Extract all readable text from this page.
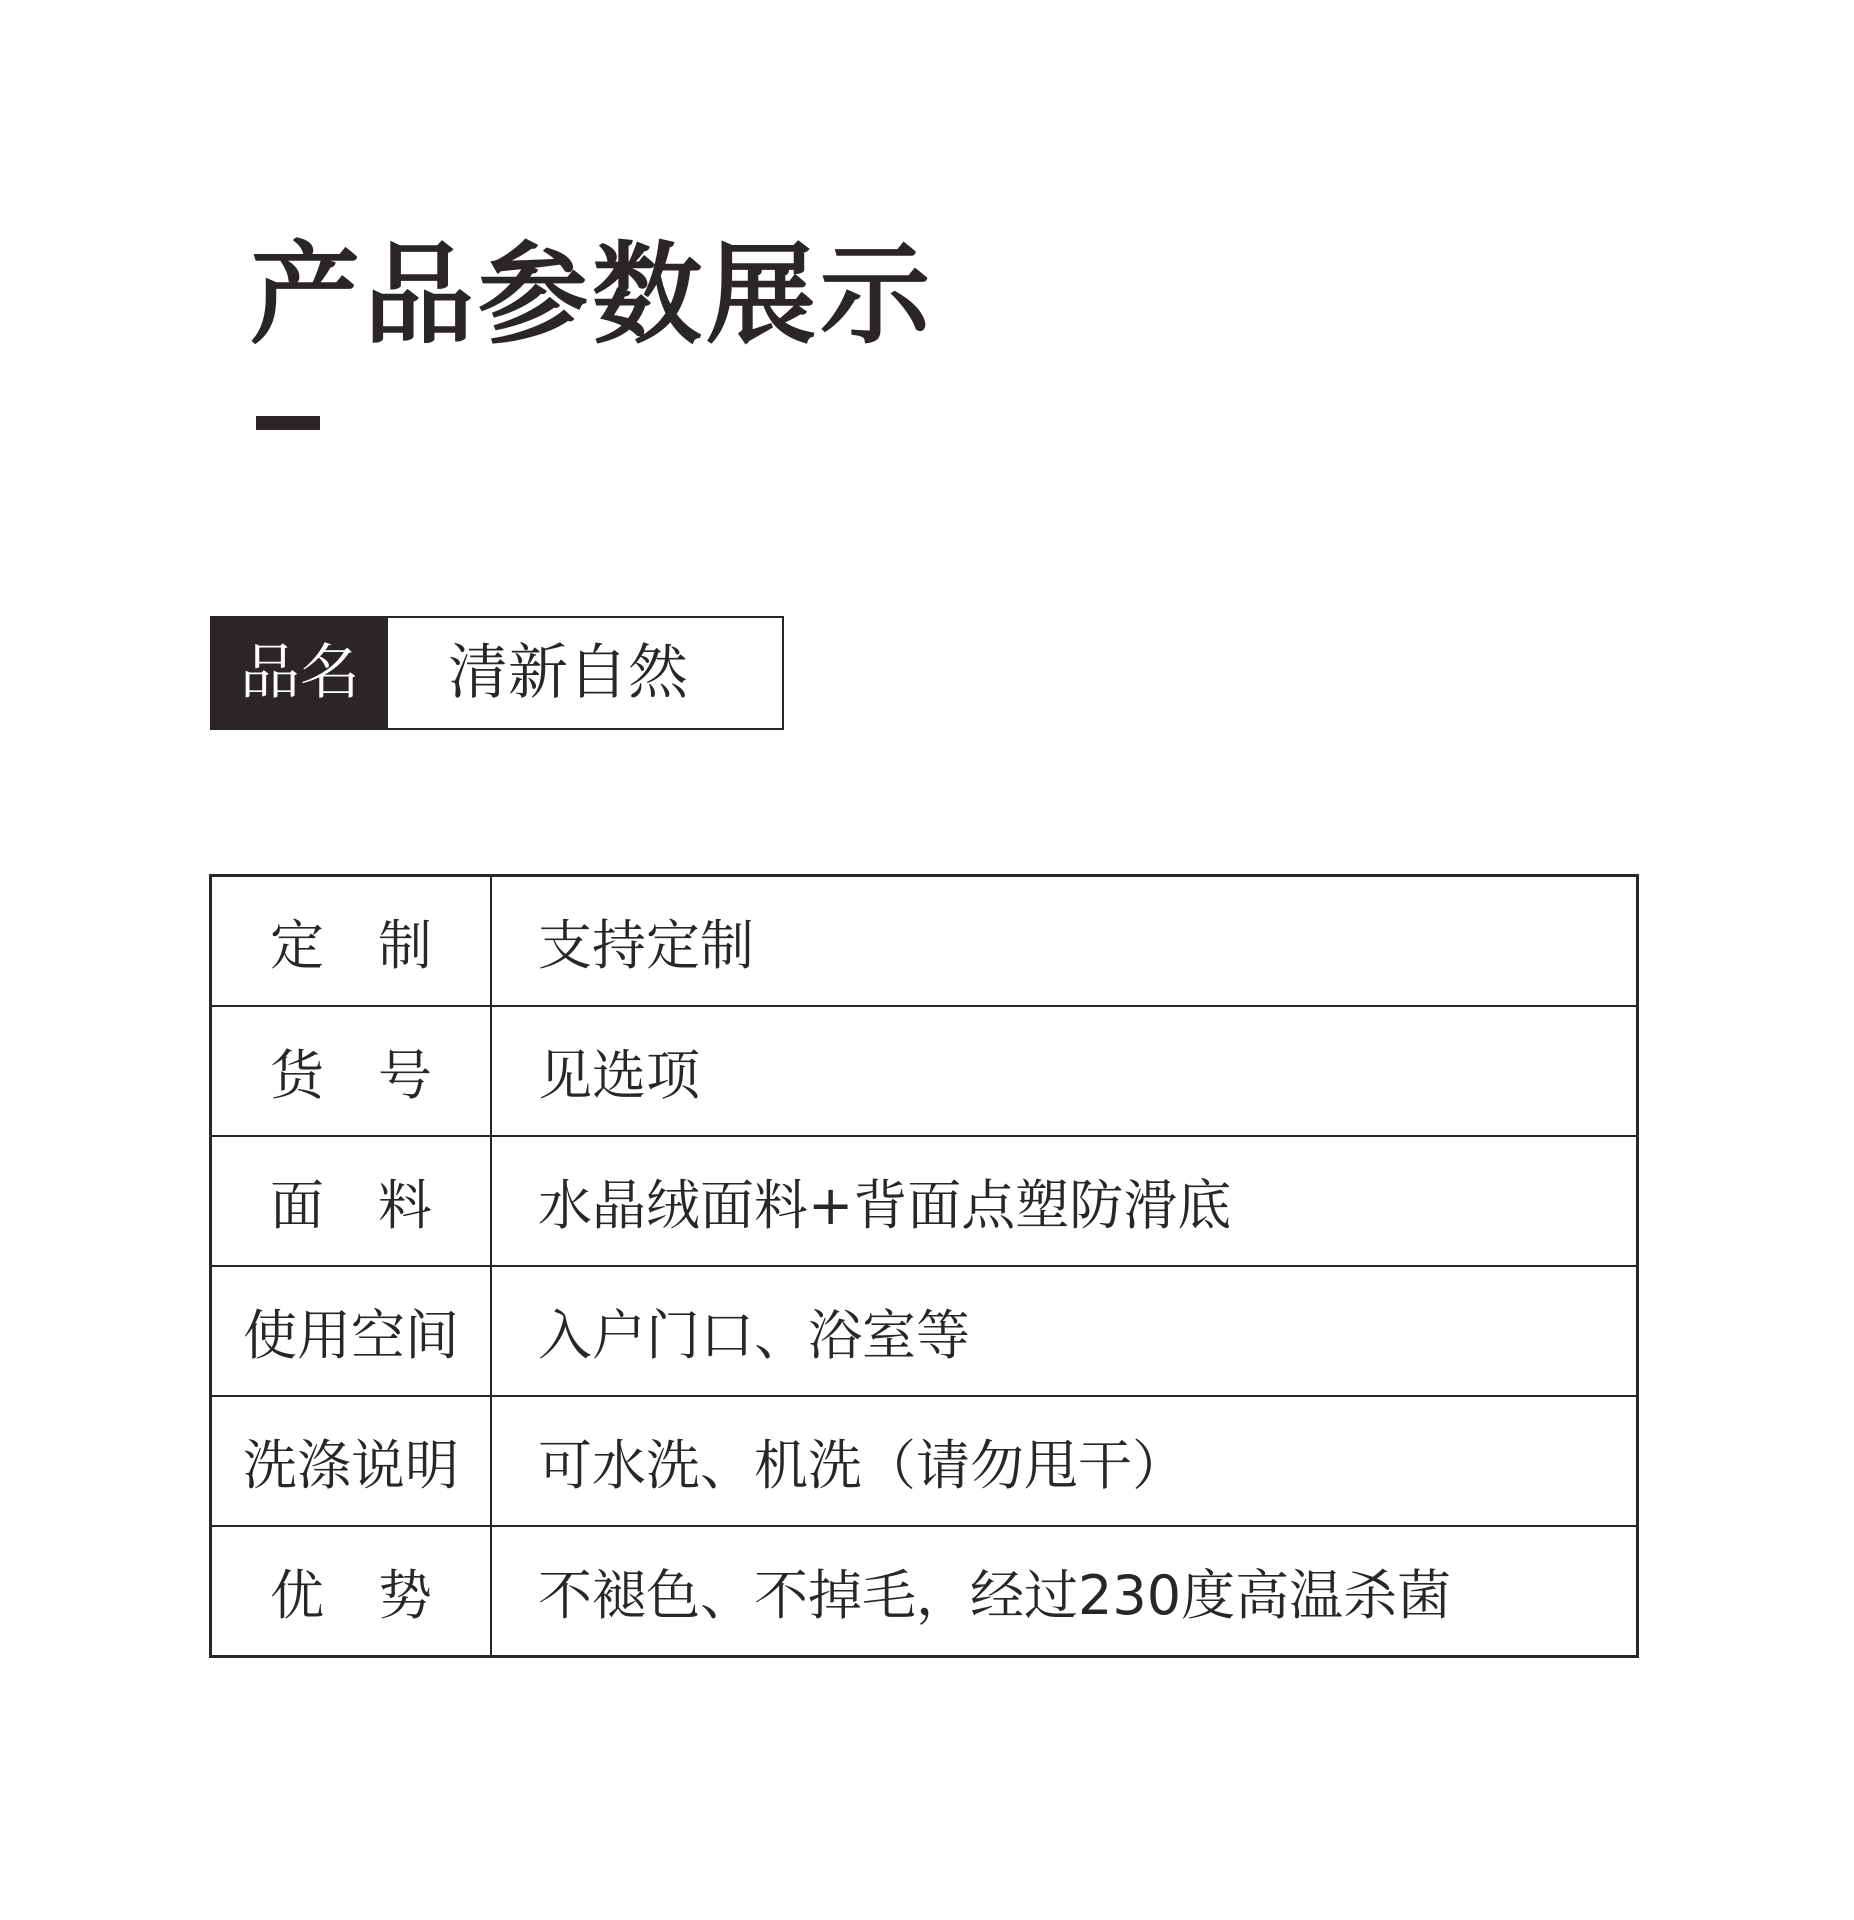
产品参数展示
品名	清新自然
定　制	支持定制
货　号	见选项
面　料	水晶绒面料+背面点塑防滑底
使用空间	入户门口、浴室等
洗涤说明	可水洗、机洗（请勿甩干）
优　势	不褪色、不掉毛，经过230度高温杀菌
